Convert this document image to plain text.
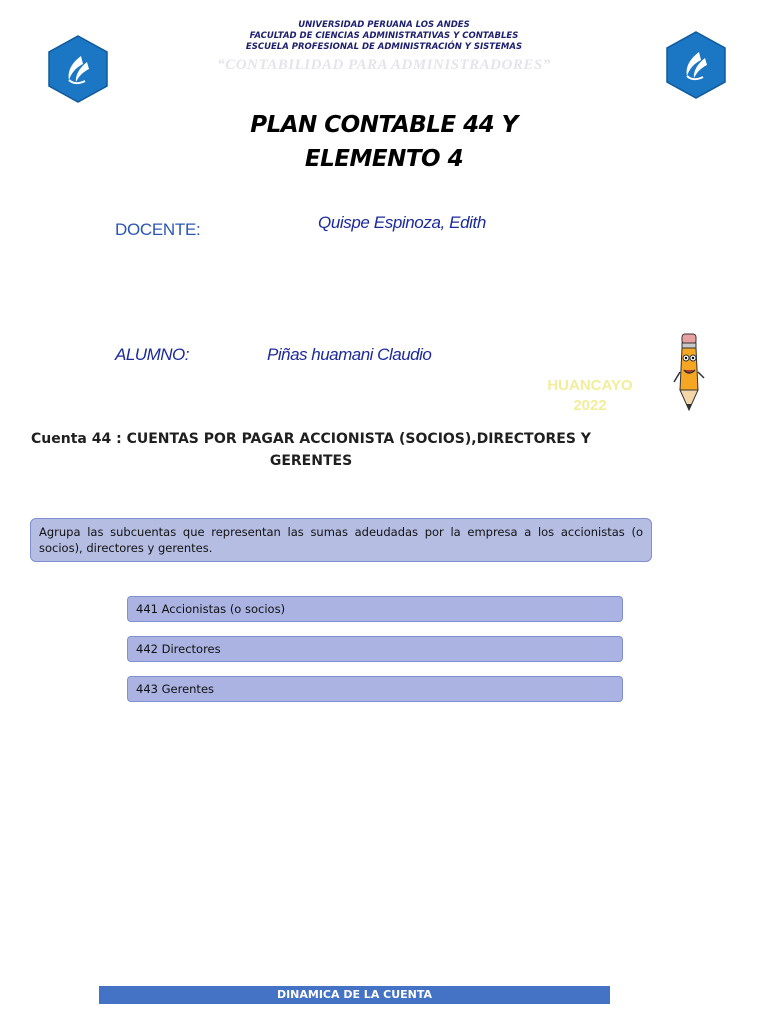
UNIVERSIDAD PERUANA LOS ANDES
FACULTAD DE CIENCIAS ADMINISTRATIVAS Y CONTABLES
ESCUELA PROFESIONAL DE ADMINISTRACIÓN Y SISTEMAS
“CONTABILIDAD PARA ADMINISTRADORES”
PLAN CONTABLE 44 Y
ELEMENTO 4
DOCENTE:	Quispe Espinoza, Edith
ALUMNO:	Piñas huamani Claudio
HUANCAYO
2022
Cuenta 44 : CUENTAS POR PAGAR ACCIONISTA (SOCIOS),DIRECTORES Y
GERENTES
Agrupa las subcuentas que representan las sumas adeudadas por la empresa a los accionistas (o socios), directores y gerentes.
441 Accionistas (o socios)
442 Directores
443 Gerentes
DINAMICA DE LA CUENTA
